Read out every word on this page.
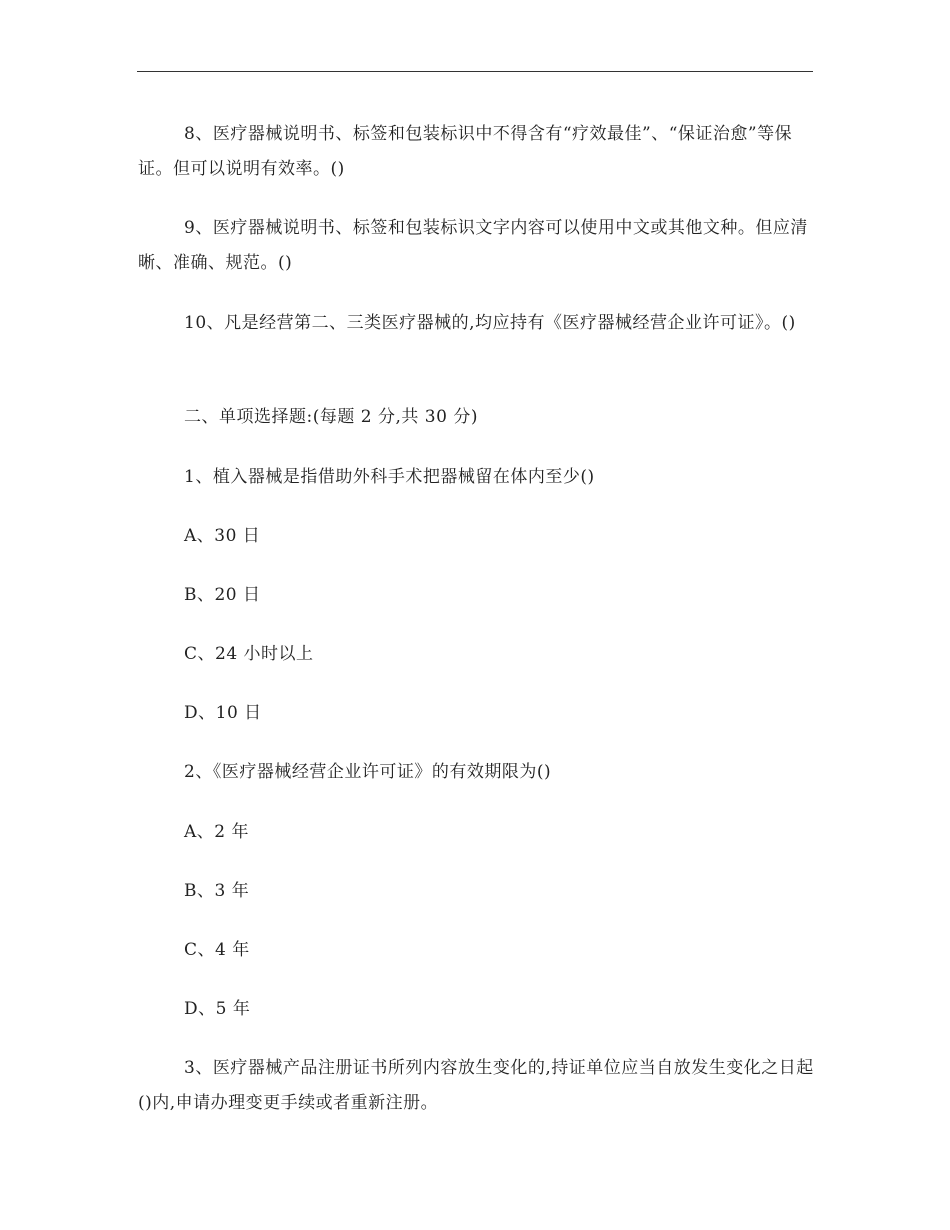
8、医疗器械说明书、标签和包装标识中不得含有“疗效最佳”、“保证治愈”等保证。但可以说明有效率。()

9、医疗器械说明书、标签和包装标识文字内容可以使用中文或其他文种。但应清晰、准确、规范。()

10、凡是经营第二、三类医疗器械的,均应持有《医疗器械经营企业许可证》。()

二、单项选择题:(每题 2 分,共 30 分)

1、植入器械是指借助外科手术把器械留在体内至少()

A、30 日

B、20 日

C、24 小时以上

D、10 日

2、《医疗器械经营企业许可证》的有效期限为()

A、2 年

B、3 年

C、4 年

D、5 年

3、医疗器械产品注册证书所列内容放生变化的,持证单位应当自放发生变化之日起()内,申请办理变更手续或者重新注册。
